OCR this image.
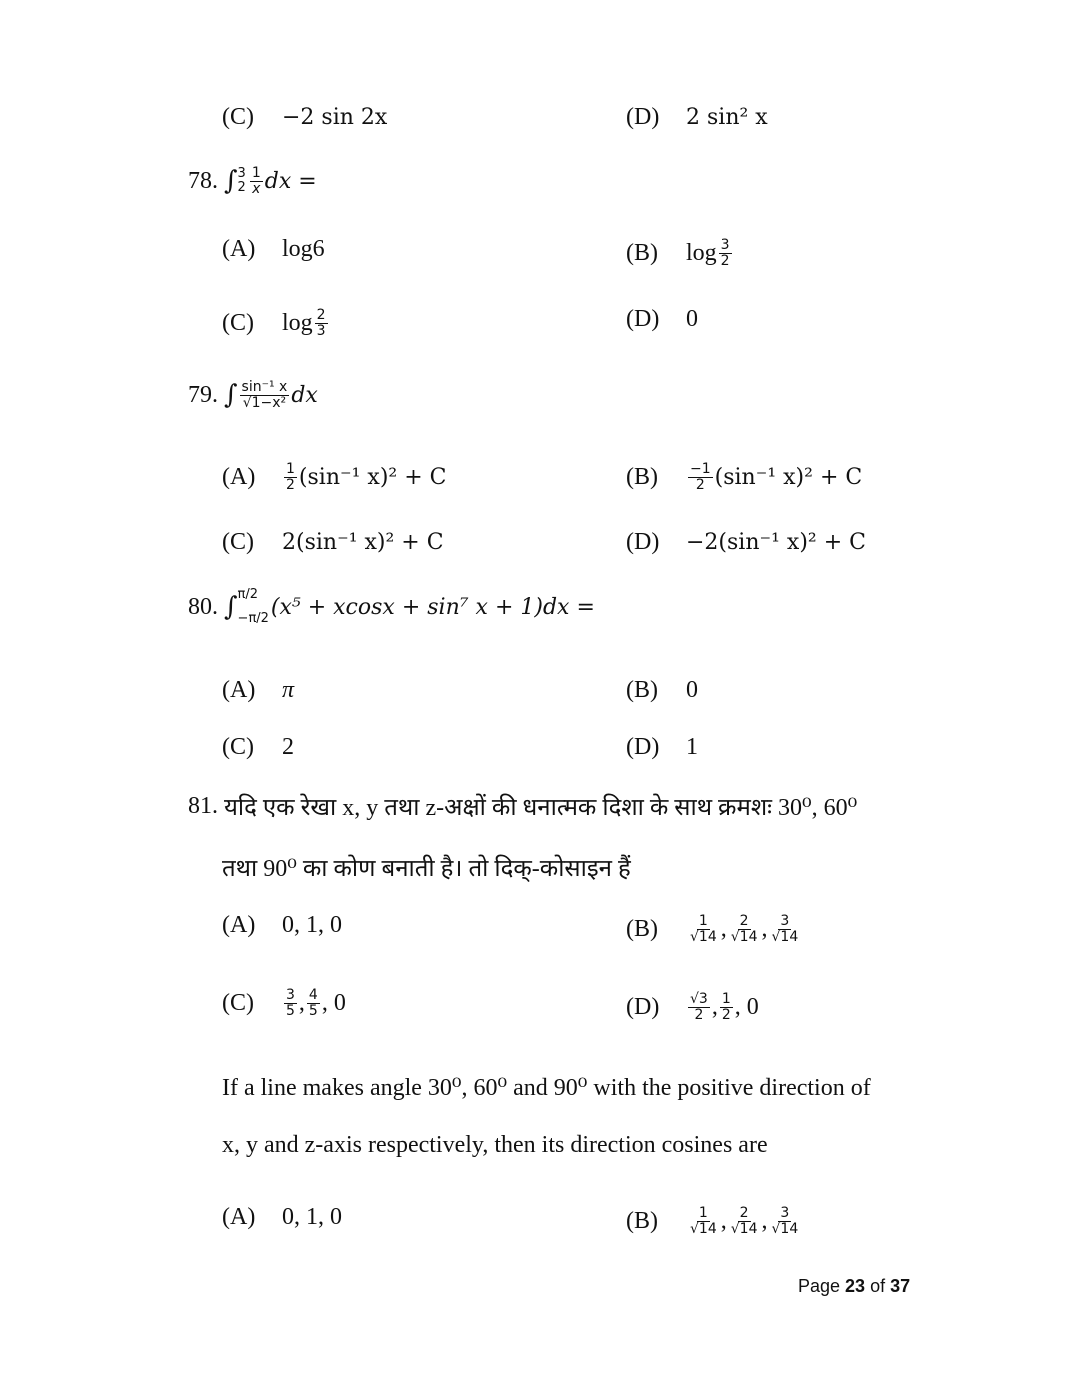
(C)	−2 sin 2x	(D)	2 sin² x
78. ∫ 3
$2 \frac{1}{x}$ dx =
(A)	log6	(B)	$\log \frac{3}{2}$
(C)	$\log \frac{2}{3}$	(D)	0
79. ∫ $\frac{\text{sin⁻¹ x}}{\text{√1−x²}}$ dx
(A)	$\frac{1}{2} (\sin^{-1}$ x)² + C	(B)	$\frac{-1}{2} (\sin^{-1}$ x)² + C
(C)	2(sin⁻¹ x)² + C	(D)	−2(sin⁻¹ x)² + C
80. ∫ π/2
−π/2 (x⁵ + xcosx + sin⁷ x + 1)dx =
(A)	π	(B)	0
(C)	2	(D)	1
81. यदि एक रेखा x, y तथा z-अक्षों की धनात्मक दिशा के साथ क्रमशः 30⁰, 60⁰
तथा 90⁰ का कोण बनाती है। तो दिक्-कोसाइन हैं
(A)	0, 1, 0	(B)	$\frac{1}{√14}$ , $\frac{2}{√14}$ , $\frac{3}{√14}$
(C)	$\frac{3}{5}$ , $\frac{4}{5}$ , 0	(D)	$\frac{√3}{2}$ , $\frac{1}{2}$ , 0
If a line makes angle 30⁰, 60⁰ and 90⁰ with the positive direction of
x, y and z-axis respectively, then its direction cosines are
(A)	0, 1, 0	(B)	$\frac{1}{√14}$ , $\frac{2}{√14}$ , $\frac{3}{√14}$
Page 23 of 37
